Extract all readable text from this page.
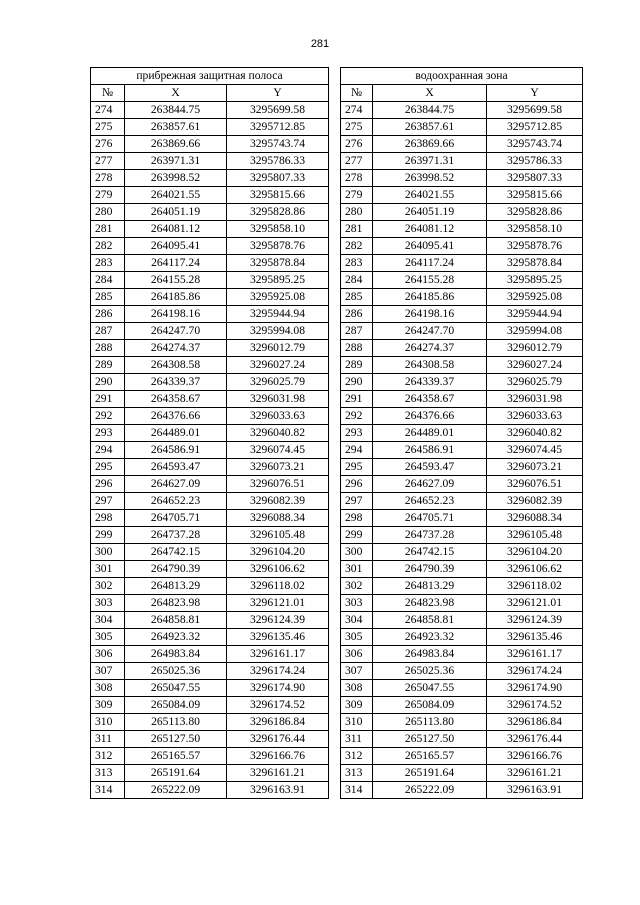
281
прибрежная защитная полоса				водоохранная зона		
№	X	Y		№	X	Y
274	263844.75	3295699.58		274	263844.75	3295699.58
275	263857.61	3295712.85		275	263857.61	3295712.85
276	263869.66	3295743.74		276	263869.66	3295743.74
277	263971.31	3295786.33		277	263971.31	3295786.33
278	263998.52	3295807.33		278	263998.52	3295807.33
279	264021.55	3295815.66		279	264021.55	3295815.66
280	264051.19	3295828.86		280	264051.19	3295828.86
281	264081.12	3295858.10		281	264081.12	3295858.10
282	264095.41	3295878.76		282	264095.41	3295878.76
283	264117.24	3295878.84		283	264117.24	3295878.84
284	264155.28	3295895.25		284	264155.28	3295895.25
285	264185.86	3295925.08		285	264185.86	3295925.08
286	264198.16	3295944.94		286	264198.16	3295944.94
287	264247.70	3295994.08		287	264247.70	3295994.08
288	264274.37	3296012.79		288	264274.37	3296012.79
289	264308.58	3296027.24		289	264308.58	3296027.24
290	264339.37	3296025.79		290	264339.37	3296025.79
291	264358.67	3296031.98		291	264358.67	3296031.98
292	264376.66	3296033.63		292	264376.66	3296033.63
293	264489.01	3296040.82		293	264489.01	3296040.82
294	264586.91	3296074.45		294	264586.91	3296074.45
295	264593.47	3296073.21		295	264593.47	3296073.21
296	264627.09	3296076.51		296	264627.09	3296076.51
297	264652.23	3296082.39		297	264652.23	3296082.39
298	264705.71	3296088.34		298	264705.71	3296088.34
299	264737.28	3296105.48		299	264737.28	3296105.48
300	264742.15	3296104.20		300	264742.15	3296104.20
301	264790.39	3296106.62		301	264790.39	3296106.62
302	264813.29	3296118.02		302	264813.29	3296118.02
303	264823.98	3296121.01		303	264823.98	3296121.01
304	264858.81	3296124.39		304	264858.81	3296124.39
305	264923.32	3296135.46		305	264923.32	3296135.46
306	264983.84	3296161.17		306	264983.84	3296161.17
307	265025.36	3296174.24		307	265025.36	3296174.24
308	265047.55	3296174.90		308	265047.55	3296174.90
309	265084.09	3296174.52		309	265084.09	3296174.52
310	265113.80	3296186.84		310	265113.80	3296186.84
311	265127.50	3296176.44		311	265127.50	3296176.44
312	265165.57	3296166.76		312	265165.57	3296166.76
313	265191.64	3296161.21		313	265191.64	3296161.21
314	265222.09	3296163.91		314	265222.09	3296163.91
